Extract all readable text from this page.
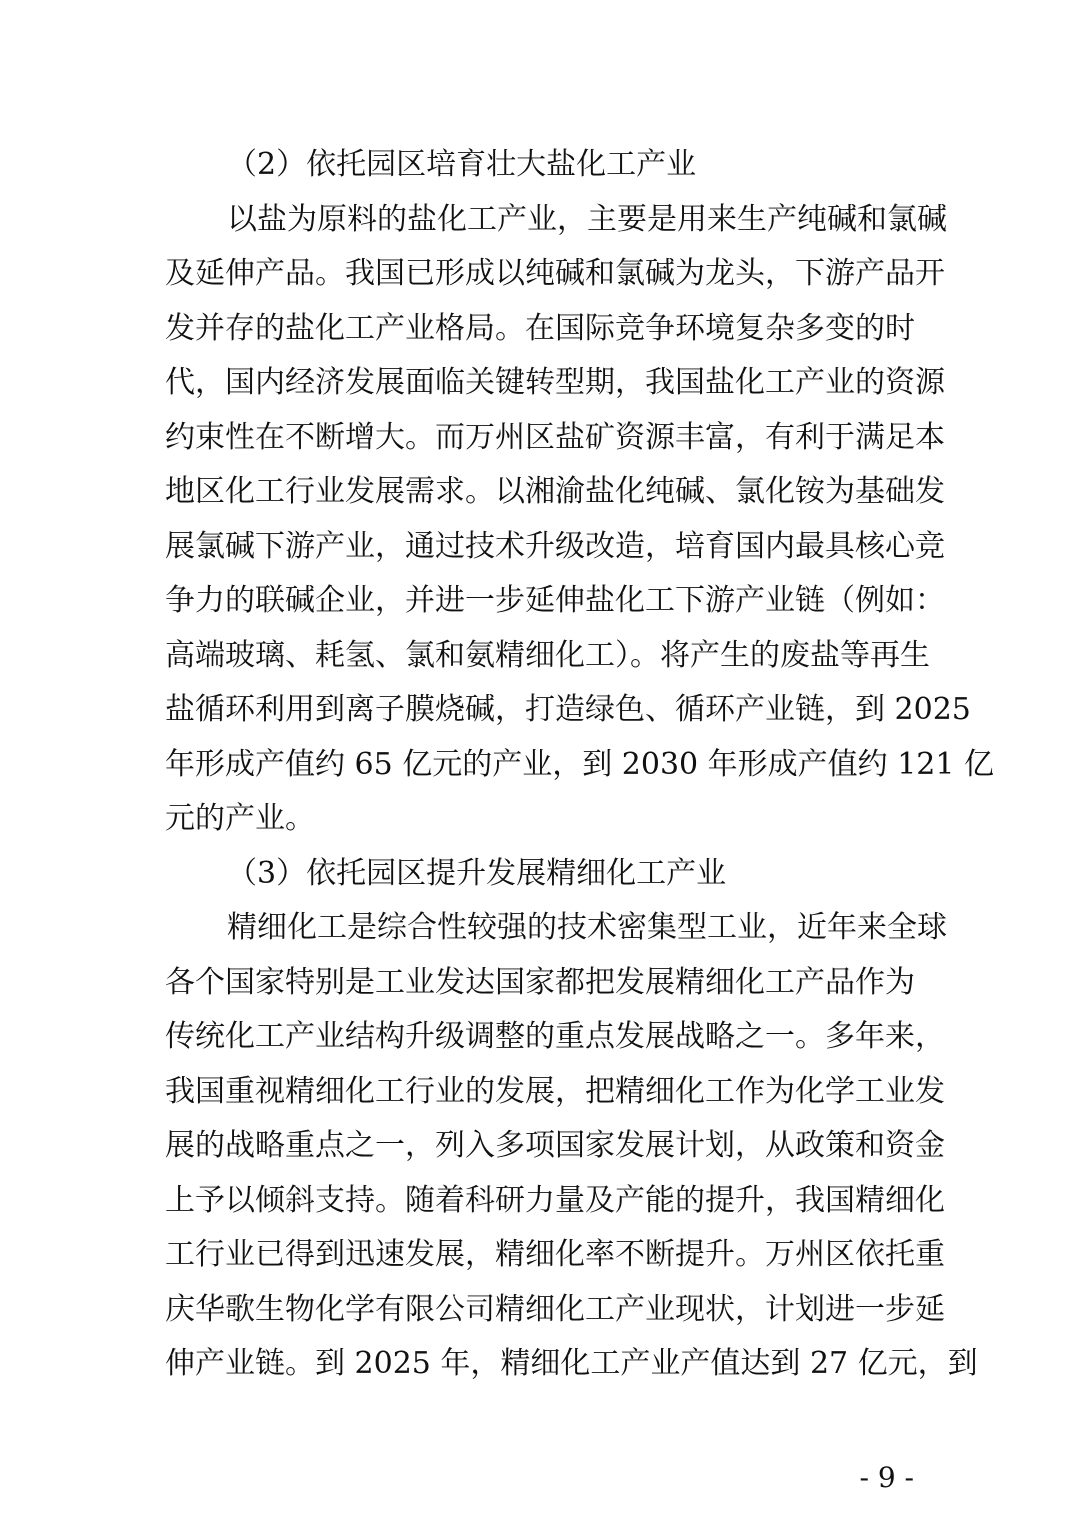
（2）依托园区培育壮大盐化工产业
以盐为原料的盐化工产业，主要是用来生产纯碱和氯碱
及延伸产品。我国已形成以纯碱和氯碱为龙头，下游产品开
发并存的盐化工产业格局。在国际竞争环境复杂多变的时
代，国内经济发展面临关键转型期，我国盐化工产业的资源
约束性在不断增大。而万州区盐矿资源丰富，有利于满足本
地区化工行业发展需求。以湘渝盐化纯碱、氯化铵为基础发
展氯碱下游产业，通过技术升级改造，培育国内最具核心竞
争力的联碱企业，并进一步延伸盐化工下游产业链（例如：
高端玻璃、耗氢、氯和氨精细化工）。将产生的废盐等再生
盐循环利用到离子膜烧碱，打造绿色、循环产业链，到 2025
年形成产值约 65 亿元的产业，到 2030 年形成产值约 121 亿
元的产业。
（3）依托园区提升发展精细化工产业
精细化工是综合性较强的技术密集型工业，近年来全球
各个国家特别是工业发达国家都把发展精细化工产品作为
传统化工产业结构升级调整的重点发展战略之一。多年来，
我国重视精细化工行业的发展，把精细化工作为化学工业发
展的战略重点之一，列入多项国家发展计划，从政策和资金
上予以倾斜支持。随着科研力量及产能的提升，我国精细化
工行业已得到迅速发展，精细化率不断提升。万州区依托重
庆华歌生物化学有限公司精细化工产业现状，计划进一步延
伸产业链。到 2025 年，精细化工产业产值达到 27 亿元，到
- 9 -
